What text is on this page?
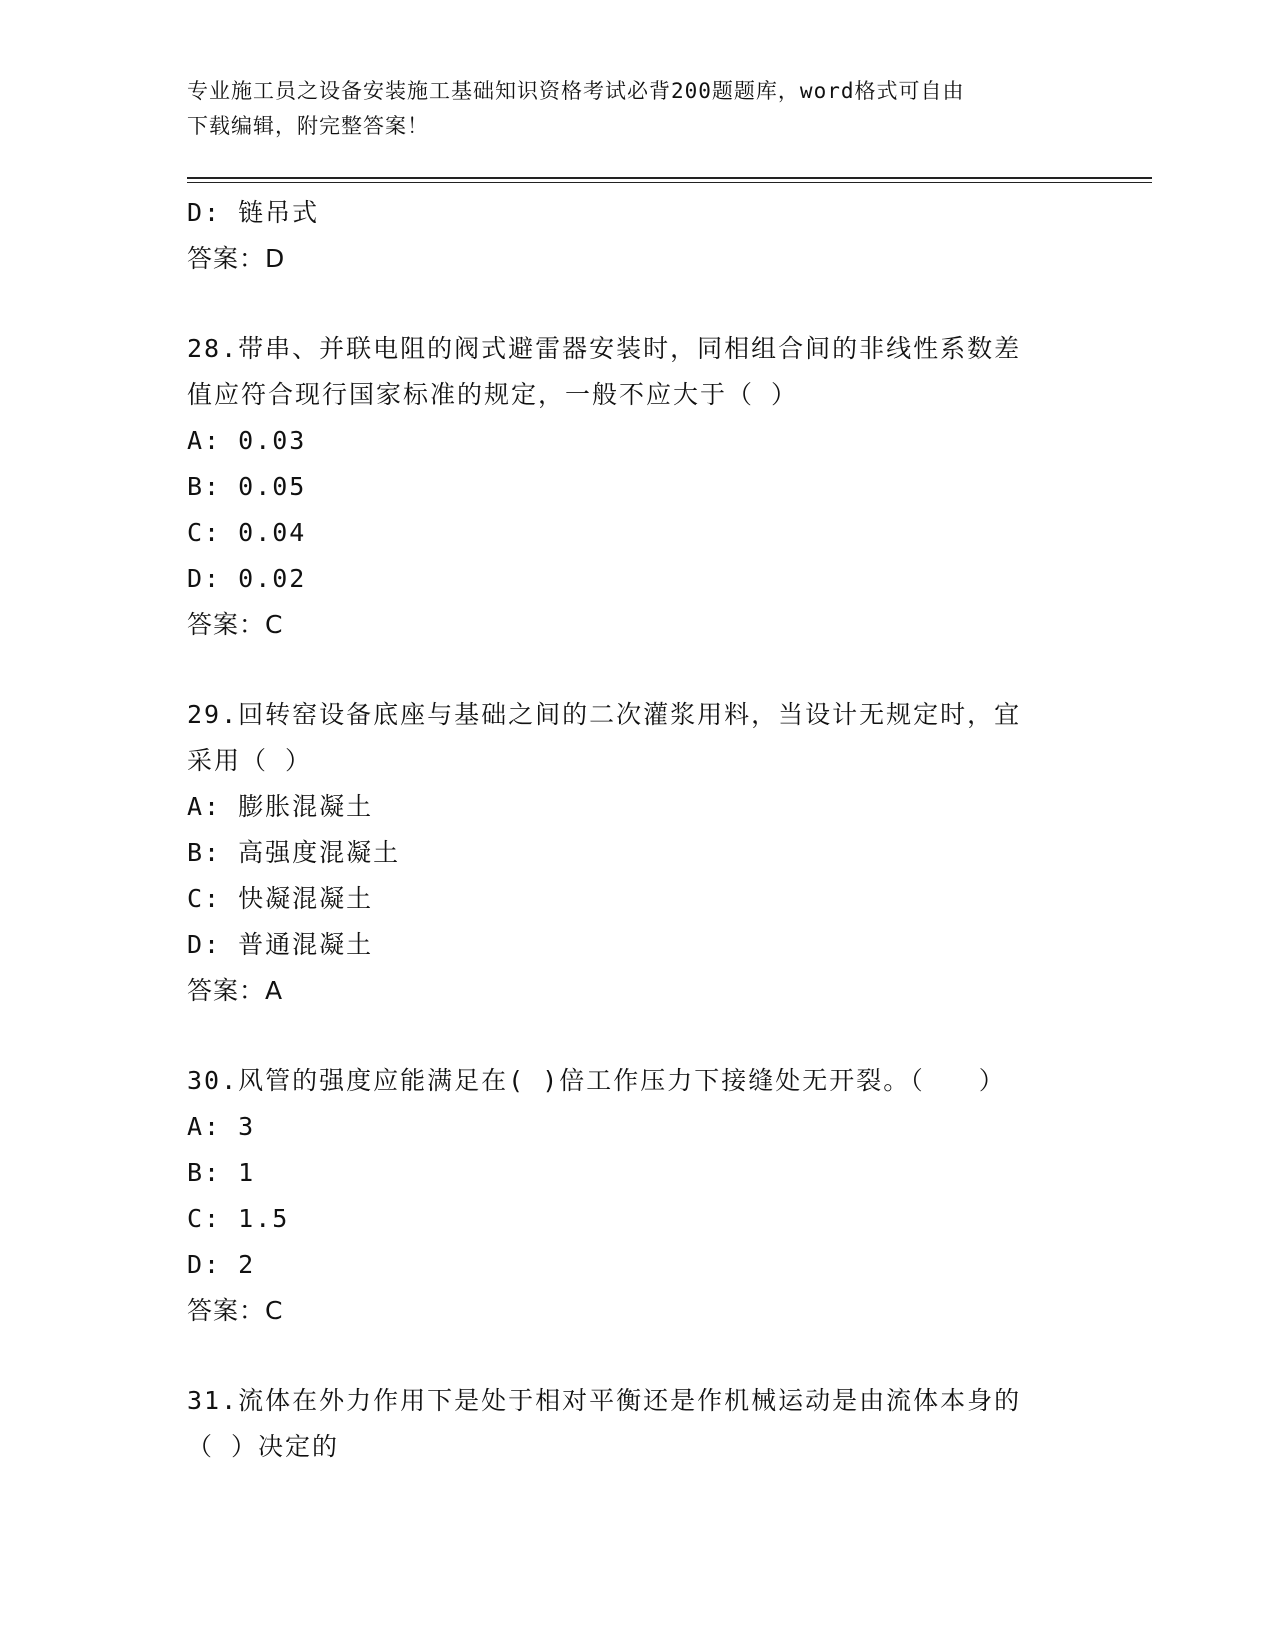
专业施工员之设备安装施工基础知识资格考试必背200题题库，word格式可自由
下载编辑，附完整答案！
D: 链吊式
答案：D
28.带串、并联电阻的阀式避雷器安装时，同相组合间的非线性系数差
值应符合现行国家标准的规定，一般不应大于（ ）
A: 0.03
B: 0.05
C: 0.04
D: 0.02
答案：C
29.回转窑设备底座与基础之间的二次灌浆用料，当设计无规定时，宜
采用（ ）
A: 膨胀混凝土
B: 高强度混凝土
C: 快凝混凝土
D: 普通混凝土
答案：A
30.风管的强度应能满足在( )倍工作压力下接缝处无开裂。（　　）
A: 3
B: 1
C: 1.5
D: 2
答案：C
31.流体在外力作用下是处于相对平衡还是作机械运动是由流体本身的
（ ）决定的
